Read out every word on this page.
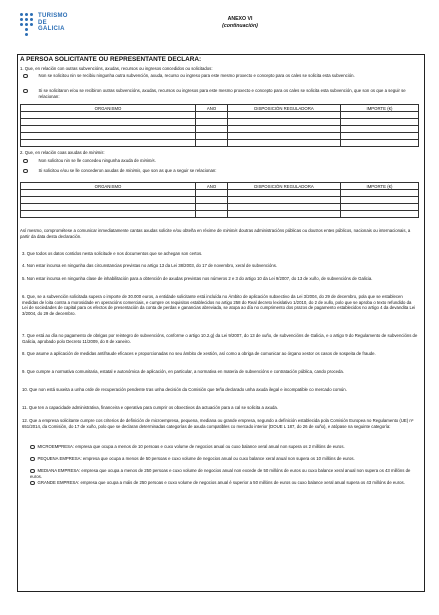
TURISMO
DE
GALICIA
ANEXO VI
(continuación)
A PERSOA SOLICITANTE OU REPRESENTANTE DECLARA:
1. Que, en relación con outras subvencións, axudas, recursos ou ingresos concedidos ou solicitados:
Non se solicitou nin se recibiu ningunha outra subvención, axuda, recurso ou ingreso para este mesmo proxecto e concepto para os cales se solicita esta subvención.
Si se solicitaron e/ou se recibiron outras subvencións, axudas, recursos ou ingresos para este mesmo proxecto e concepto para os cales se solicita esta subvención, que son os que a seguir se relacionan:
ORGANISMO	ANO	DISPOSICIÓN REGULADORA	IMPORTE (€)

2. Que, en relación coas axudas de minimis:
Non solicitou nin se lle concedeu ningunha axuda de minimis.
Si solicitou e/ou se lle concederon axudas de minimis, que son as que a seguir se relacionan:
ORGANISMO	ANO	DISPOSICIÓN REGULADORA	IMPORTE (€)

Así mesmo, comprométese a comunicar inmediatamente cantas axudas solicite e/ou obteña en réxime de minimis doutras administracións públicas ou doutros entes públicos, nacionais ou internacionais, a partir da data desta declaración.
3. Que todos os datos contidos nesta solicitude e nos documentos que se achegan son certos.
4. Non estar incursa en ningunha das circunstancias previstas no artigo 13 da Lei 38/2003, do 17 de novembro, xeral de subvencións.
5. Non estar incursa en ningunha clase de inhabilitación para a obtención de axudas previstas nos números 2 e 3 do artigo 10 da Lei 9/2007, do 13 de xuño, de subvencións de Galicia.
6. Que, se a subvención solicitada supera o importe de 30.000 euros, a entidade solicitante está incluída no Ámbito de aplicación subxectivo da Lei 3/2004, do 29 de decembro, pola que se establecen medidas de loita contra a morosidade en operacións comerciais, e cumpre os requisitos establecidos no artigo 258 do Real decreto lexislativo 1/2010, do 2 de xullo, polo que se aproba o texto refundido da Lei de sociedades de capital para os efectos de presentación da conta de perdas e ganancias abreviada, se atopa ao día no cumprimento dos prazos de pagamento establecidos no artigo 4 da devandita Lei 3/2004, do 29 de decembro.
7. Que está ao día no pagamento de obrigas por reintegro de subvencións, conforme o artigo 10.2.g) da Lei 9/2007, do 13 de xuño, de subvencións de Galicia, e o artigo 9 do Regulamento de subvencións de Galicia, aprobado polo Decreto 11/2009, do 8 de xaneiro.
8. Que asume a aplicación de medidas antifraude eficaces e proporcionadas no seu ámbito de xestión, así como a obriga de comunicar ao órgano xestor os casos de sospeita de fraude.
9. Que cumpre a normativa comunitaria, estatal e autonómica de aplicación, en particular, a normativa en materia de subvencións e contratación pública, cando proceda.
10. Que non está suxeita a unha orde de recuperación pendente tras unha decisión da Comisión que teña declarado unha axuda ilegal e incompatible co mercado común.
11. Que ten a capacidade administrativa, financeira e operativa para cumprir os obxectivos da actuación para a cal se solicita a axuda.
12. Que a empresa solicitante cumpre cos criterios de definición de microempresa, pequena, mediana ou grande empresa, segundo a definición establecida pola Comisión Europea no Regulamento (UE) nº 651/2014, da Comisión, do 17 de xuño, polo que se declaran determinadas categorías de axuda compatibles co mercado interior (DOUE L 187, do 26 de xuño), e atópase na seguinte categoría:
MICROEMPRESA: empresa que ocupa a menos de 10 persoas e cuxo volume de negocios anual ou cuxo balance xeral anual non supera os 2 millóns de euros.
PEQUENA EMPRESA: empresa que ocupa a menos de 50 persoas e cuxo volume de negocios anual ou cuxo balance xeral anual non supera os 10 millóns de euros.
MEDIANA EMPRESA: empresa que ocupa a menos de 250 persoas e cuxo volume de negocios anual non excede de 50 millóns de euros ou cuxo balance xeral anual non supera os 43 millóns de euros.
GRANDE EMPRESA: empresa que ocupa a máis de 250 persoas e cuxo volume de negocios anual é superior a 50 millóns de euros ou cuxo balance xeral anual supera os 43 millóns de euros.
